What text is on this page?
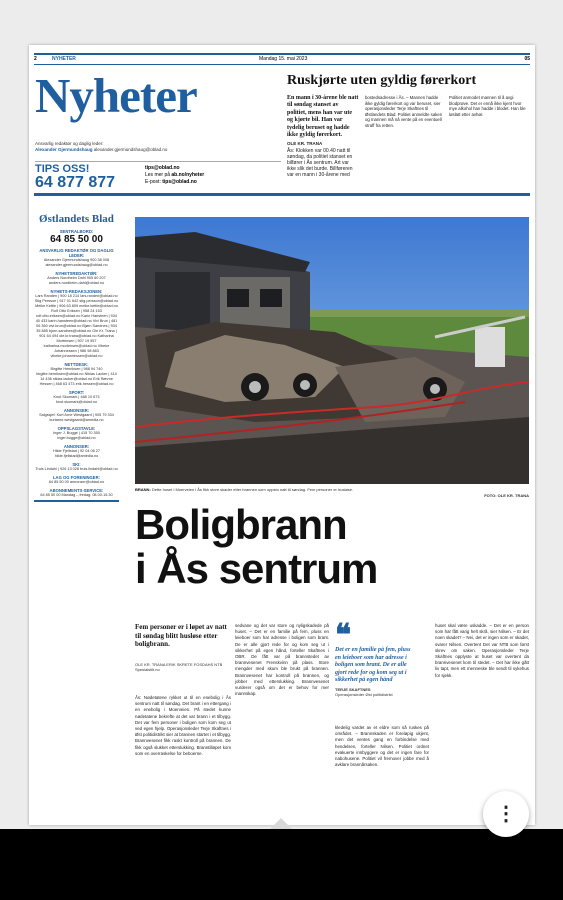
2	NYHETER	Mandag 15. mai 2023	05
Nyheter
Ansvarlig redaktør og daglig leder:
Alexander Gjermundshaug alexander.gjermundshaug@oblad.no
TIPS OSS!
64 877 877
tips@oblad.no
Les mer på ab.no/nyheter
E-post: tips@oblad.no
Ruskjørte uten gyldig førerkort
En mann i 30-årene ble natt til søndag stanset av politiet, mens han var ute og kjørte bil. Han var tydelig beruset og hadde ikke gyldig førerkort.
OLE KR. TRANA
Ås: Klokken var 00.40 natt til søndag, da politiet stanset en bilfører i Ås sentrum. Art var ikke slik det burde. Billføreren var en mann i 30-årene med
bostedsadresse i Ås. – Mannen hadde ikke gyldig førerkort og var beruset, sier operasjonsleder Terje Skaftnes til Østlandets Blad. Politiet anmeldte saken og mannen må nå vente på en eventuell straff fra retten.
Politiet anmodet mannen til å avgi blodprøve. Det er ennå ikke kjent hvor mye alkohol han hadde i blodet. Han ble løslatt etter avhør.
Østlandets Blad
SENTRALBORD:
64 85 50 00
ANSVARLIG REDAKTØR OG DAGLIG LEDER:
Alexander Gjermundshaug 900 38 008 alexander.gjermundshaug@oblad.no
NYHETSREDAKTØR:
Anders Nordheim Dahl 905 60 207 anders.nordheim.dahl@oblad.no
NYHETS-REDAKSJONEN:
Lars Randen | 900 18 214 lars.randen@oblad.no Stig Persson | 917 01 642 stig.persson@oblad.no Meike Kettle | 906 63 809 meike.kettle@oblad.no Rolf Otto Eriksen | 958 24 153 rolf.otto.eriksen@oblad.no Karin Hansteen | 934 40 433 karin.hansteen@oblad.no Vivi Brun | 481 06 360 vivi.brun@oblad.no Bjørn Sandnes | 934 35 885 bjorn.sandnes@oblad.no Ole Kr. Trana | 901 64 494 ole.kr.trana@oblad.no Katharina Mortensen | 907 19 957 katharina.mortensen@oblad.no Vibeke Johannessen | 986 98 863 vibeke.johannessen@oblad.no
NETTDESK:
Birgitte Henriksen | 988 94 740 birgitte.henriksen@oblad.no Niklas Lacker | 414 14 436 niklas.lacker@oblad.no Erik Rævne Hessen | 468 63 473 erik.hessen@oblad.no
SPORT:
Knut Skomark | 468 10 673 knut.skomark@oblad.no
ANNONSER:
Salgssjef: Kurt Arne Westgaard | 905 79 334 kurtarne.westgaard@amedia.no
OPPSLAGSTAVLE:
Inger J. Bugge | 415 70 350 inger.bugge@oblad.no
ANNONSER:
Hilde Fjellstad | 92 04 06 27 hilde.fjellstad@amedia.no
SKI:
Truls Lindahl | 926 13 028 truls.lindahl@oblad.no
LAG OG FORENINGER:
64 85 50 00 annonser@oblad.no
ABONNEMENTS-SERVICE:
64 85 50 00 Mandag – fredag: 08.00-15.30
BRANN: Dette huset i Moerveien i Ås fikk store skader etter brannen som oppsto natt til søndag. Fem personer er husløse.
FOTO: OLE KR. TRANA
Boligbrann
i Ås sentrum
Fem personer er i løpet av natt til søndag blitt husløse etter boligbrann.
OLE KR. TRANA ERIK SKRETE FOSDAHS NTB Spesialstilt.no
Ås: Nødetatene rykket ut til en enebolig i Ås sentrum natt til søndag. Det brant i en ettergang i en enebolig i Moerveien. På stedet kunne nødetatene bekrefte at det var brann i et tilbygg. Det var fem personer i boligen som kom seg ut ved egen hjelp. Operasjonsleder Terje Skaftnes i Øst politidistrikt sier at brannen startet i et tilbygg. Brannvesenet fikk raskt kontroll på brannen. De fikk også slukket etterslukking. Branntilløpet kom som en overraskelse for beboerne.
sedvane og det var store og nyligskadede på huset. – Det er en familie på fem, pluss en leieboer som har adresse i boligen som brant. De er alle gjort rede for og kom seg ut i sikkerhet på egen hånd, forteller Skaftnes i OBR. De fått var på brannstedet av brannvesenet Frenskvinn på plass. Store mengder med skum ble brukt på brannen. Brannvesenet har kontroll på brannen, og jobber med etterslukking. Brannvesenet vurderer også om det er behov for mer mannskap.
❝
Det er en familie på fem, pluss en leieboer som har adresse i boligen som brant. De er alle gjort rede for og kom seg ut i sikkerhet på egen hånd
TERJE SKAFTNES
Operasjonsleder Øst politidistrikt
kledelig vardet av et eldre som så ruskes på området. – Brannskaden er foreløpig ukjent, men det ventes gang en forbindelse med hendelsen, forteller Nilsen. Politiet ordnet evakuerte innbyggere og det er ingen fare for nabohusene. Politiet vil fremover jobbe med å avklare brannårsaken.
huset skal være uskadde. – Det er en person som har fått varig helt skrå, sier Nilsen. – Er det noen skadet? – Nei, det er ingen som er skadet, svarer Nilsen. Overtent Det var NTB som først skrev om saken. Operasjonsleder Terje Skaftnes opplyste at huset var overtent da brannvesenet kom til stedet. – Det har ikke gått liv tapt, men ett menneske ble sendt til sykehus for sjekk.
⋮
